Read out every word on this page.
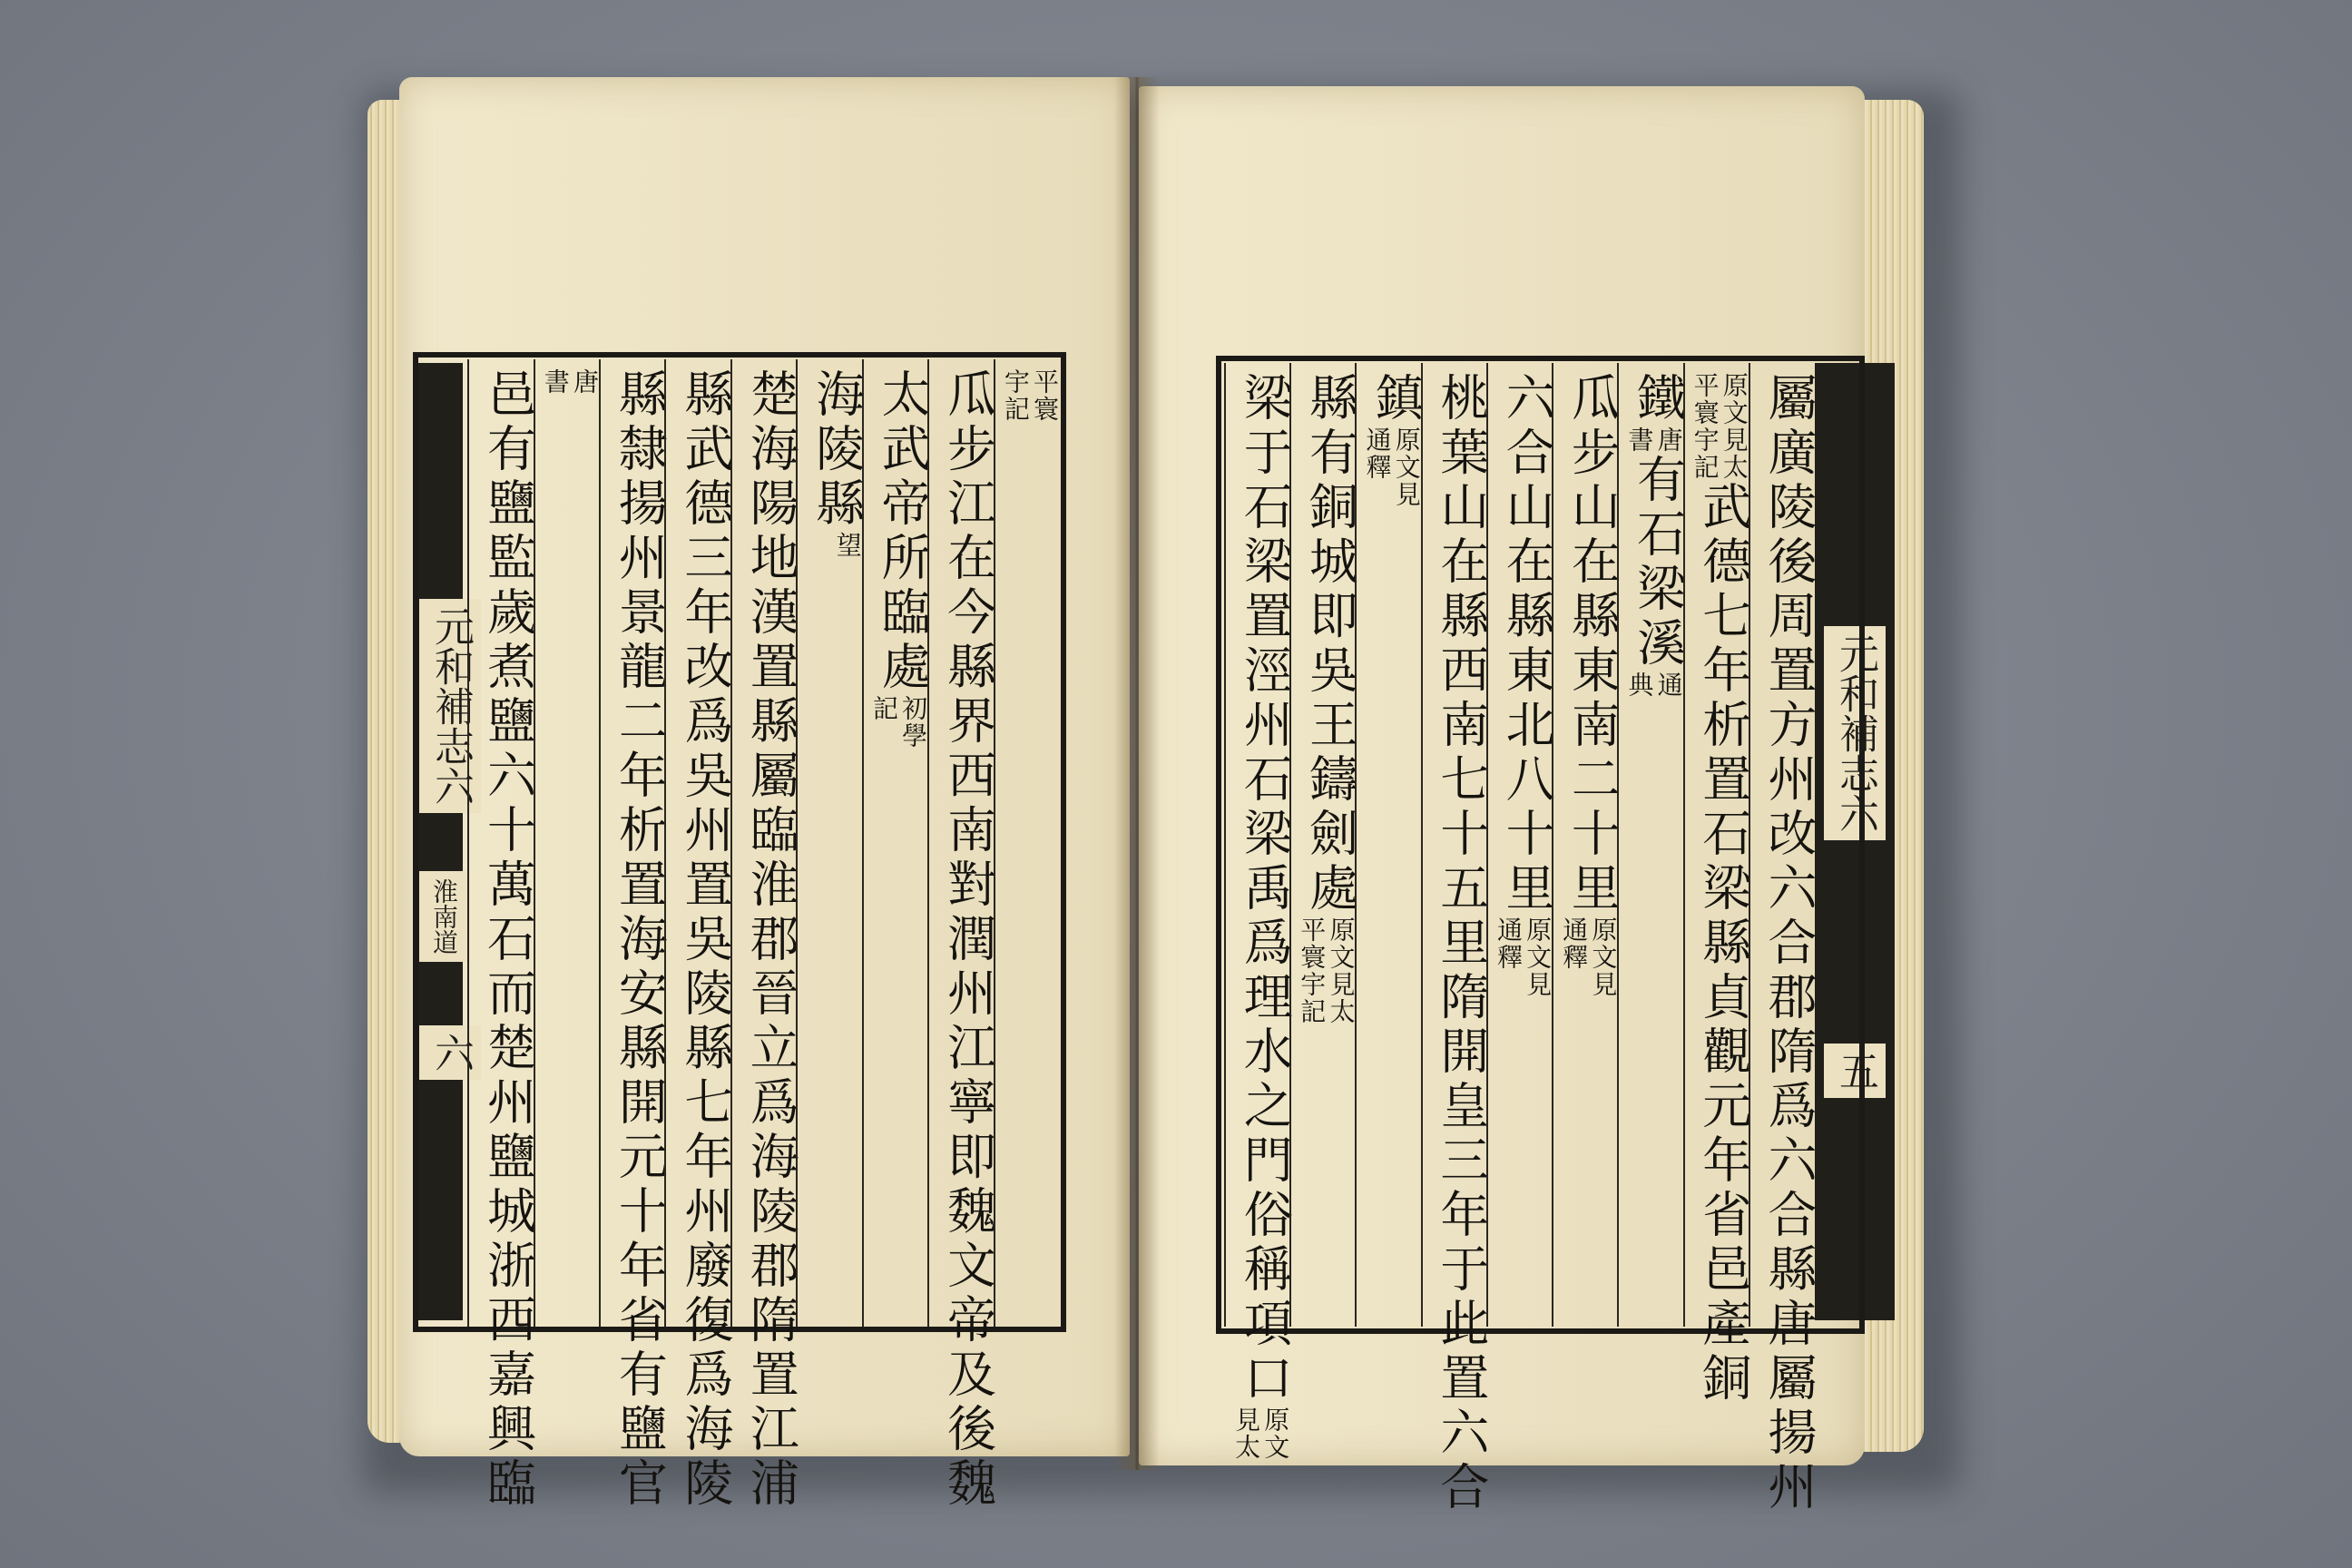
元和補志六
淮南道
六
元和補志六
五
平寰
宇記
瓜步江在今縣界西南對潤州江寧即魏文帝及後魏
太武帝所臨處
初學
記
海陵縣
望
楚海陽地漢置縣屬臨淮郡晉立爲海陵郡隋置江浦
縣武德三年改爲吳州置吳陵縣七年州廢復爲海陵
縣隸揚州景龍二年析置海安縣開元十年省有鹽官
唐
書
邑有鹽監歲煮鹽六十萬石而楚州鹽城浙西嘉興臨	屬廣陵後周置方州改六合郡隋爲六合縣唐屬揚州
原文見太
平寰宇記
武德七年析置石梁縣貞觀元年省邑產銅
鐵
唐
書
有石梁溪
通
典
瓜步山在縣東南二十里
原文見
通釋
六合山在縣東北八十里
原文見
通釋
桃葉山在縣西南七十五里隋開皇三年于此置六合
鎮
原文見
通釋
縣有銅城即吳王鑄劍處
原文見太
平寰宇記
梁于石梁置涇州石梁禹爲理水之門俗稱項口
原文
見太
